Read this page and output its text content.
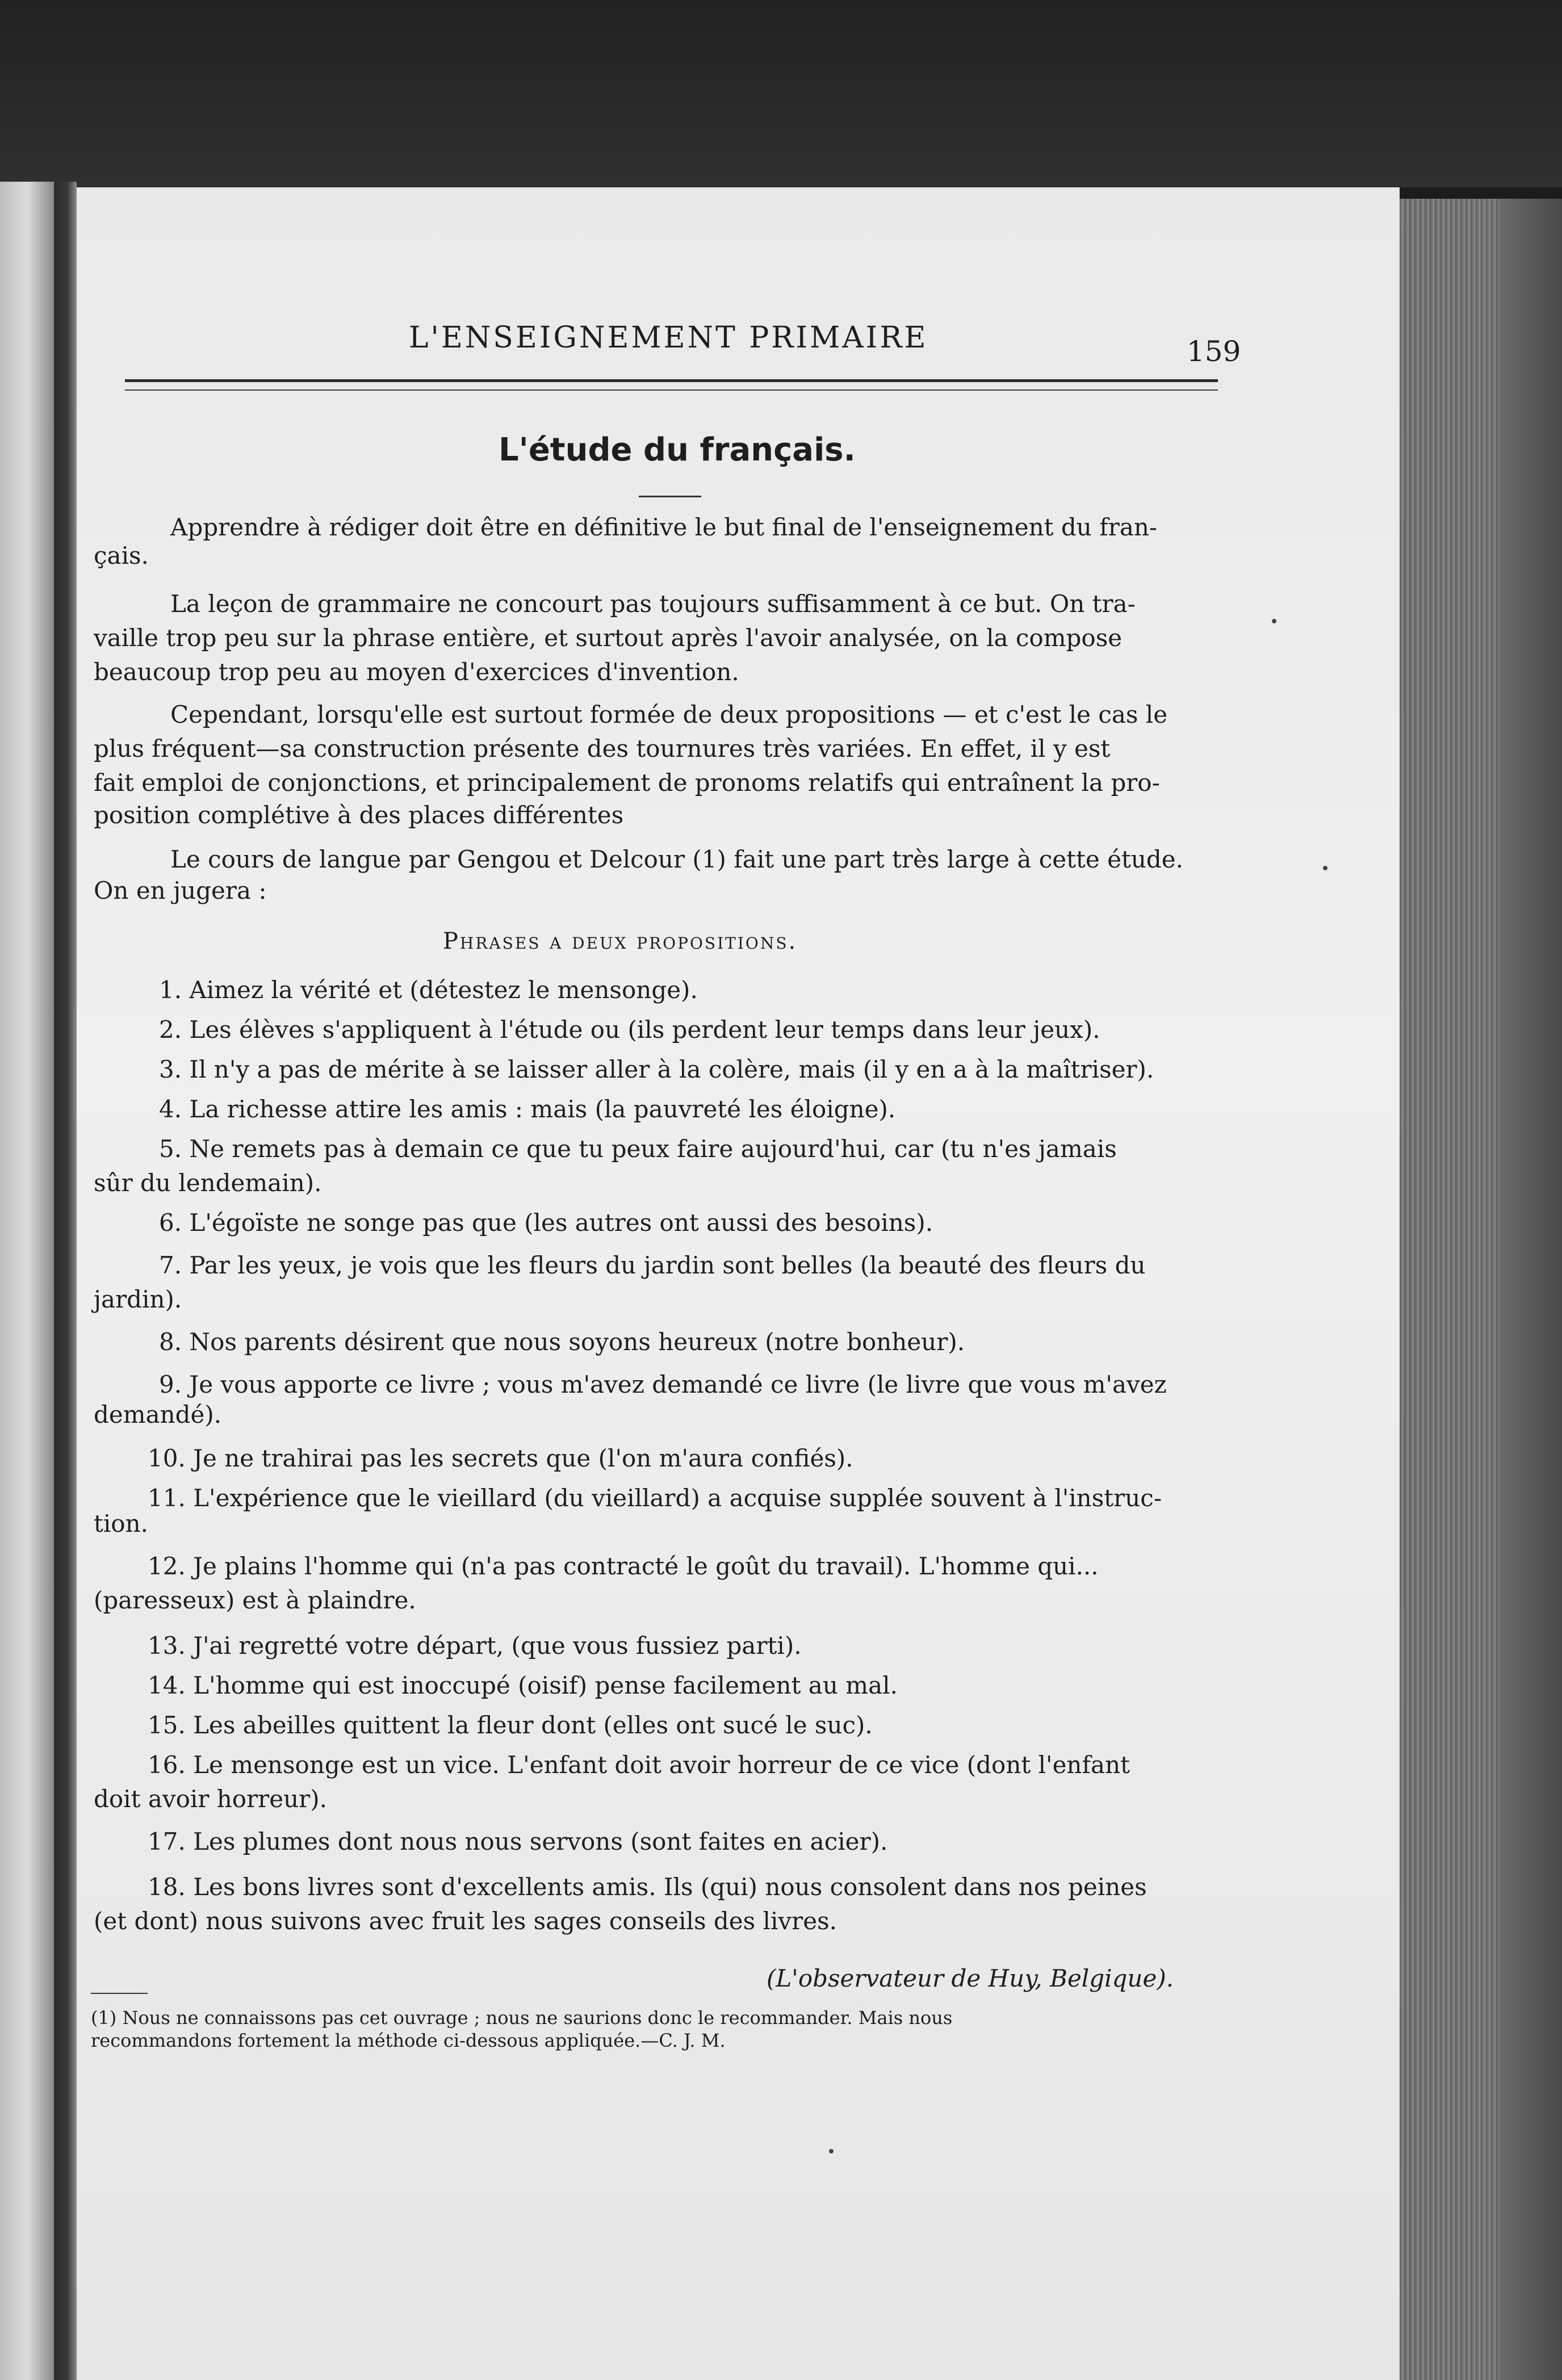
L'ENSEIGNEMENT PRIMAIRE	159
L'étude du français.
Apprendre à rédiger doit être en définitive le but final de l'enseignement du fran-
çais.
La leçon de grammaire ne concourt pas toujours suffisamment à ce but. On tra-
vaille trop peu sur la phrase entière, et surtout après l'avoir analysée, on la compose
beaucoup trop peu au moyen d'exercices d'invention.
Cependant, lorsqu'elle est surtout formée de deux propositions — et c'est le cas le
plus fréquent—sa construction présente des tournures très variées. En effet, il y est
fait emploi de conjonctions, et principalement de pronoms relatifs qui entraînent la pro-
position complétive à des places différentes
Le cours de langue par Gengou et Delcour (1) fait une part très large à cette étude.
On en jugera :
Phrases a deux propositions.
1. Aimez la vérité et (détestez le mensonge).
2. Les élèves s'appliquent à l'étude ou (ils perdent leur temps dans leur jeux).
3. Il n'y a pas de mérite à se laisser aller à la colère, mais (il y en a à la maîtriser).
4. La richesse attire les amis : mais (la pauvreté les éloigne).
5. Ne remets pas à demain ce que tu peux faire aujourd'hui, car (tu n'es jamais
sûr du lendemain).
6. L'égoïste ne songe pas que (les autres ont aussi des besoins).
7. Par les yeux, je vois que les fleurs du jardin sont belles (la beauté des fleurs du
jardin).
8. Nos parents désirent que nous soyons heureux (notre bonheur).
9. Je vous apporte ce livre ; vous m'avez demandé ce livre (le livre que vous m'avez
demandé).
10. Je ne trahirai pas les secrets que (l'on m'aura confiés).
11. L'expérience que le vieillard (du vieillard) a acquise supplée souvent à l'instruc-
tion.
12. Je plains l'homme qui (n'a pas contracté le goût du travail). L'homme qui...
(paresseux) est à plaindre.
13. J'ai regretté votre départ, (que vous fussiez parti).
14. L'homme qui est inoccupé (oisif) pense facilement au mal.
15. Les abeilles quittent la fleur dont (elles ont sucé le suc).
16. Le mensonge est un vice. L'enfant doit avoir horreur de ce vice (dont l'enfant
doit avoir horreur).
17. Les plumes dont nous nous servons (sont faites en acier).
18. Les bons livres sont d'excellents amis. Ils (qui) nous consolent dans nos peines
(et dont) nous suivons avec fruit les sages conseils des livres.
(L'observateur de Huy, Belgique).
(1) Nous ne connaissons pas cet ouvrage ; nous ne saurions donc le recommander. Mais nous
recommandons fortement la méthode ci-dessous appliquée.—C. J. M.
